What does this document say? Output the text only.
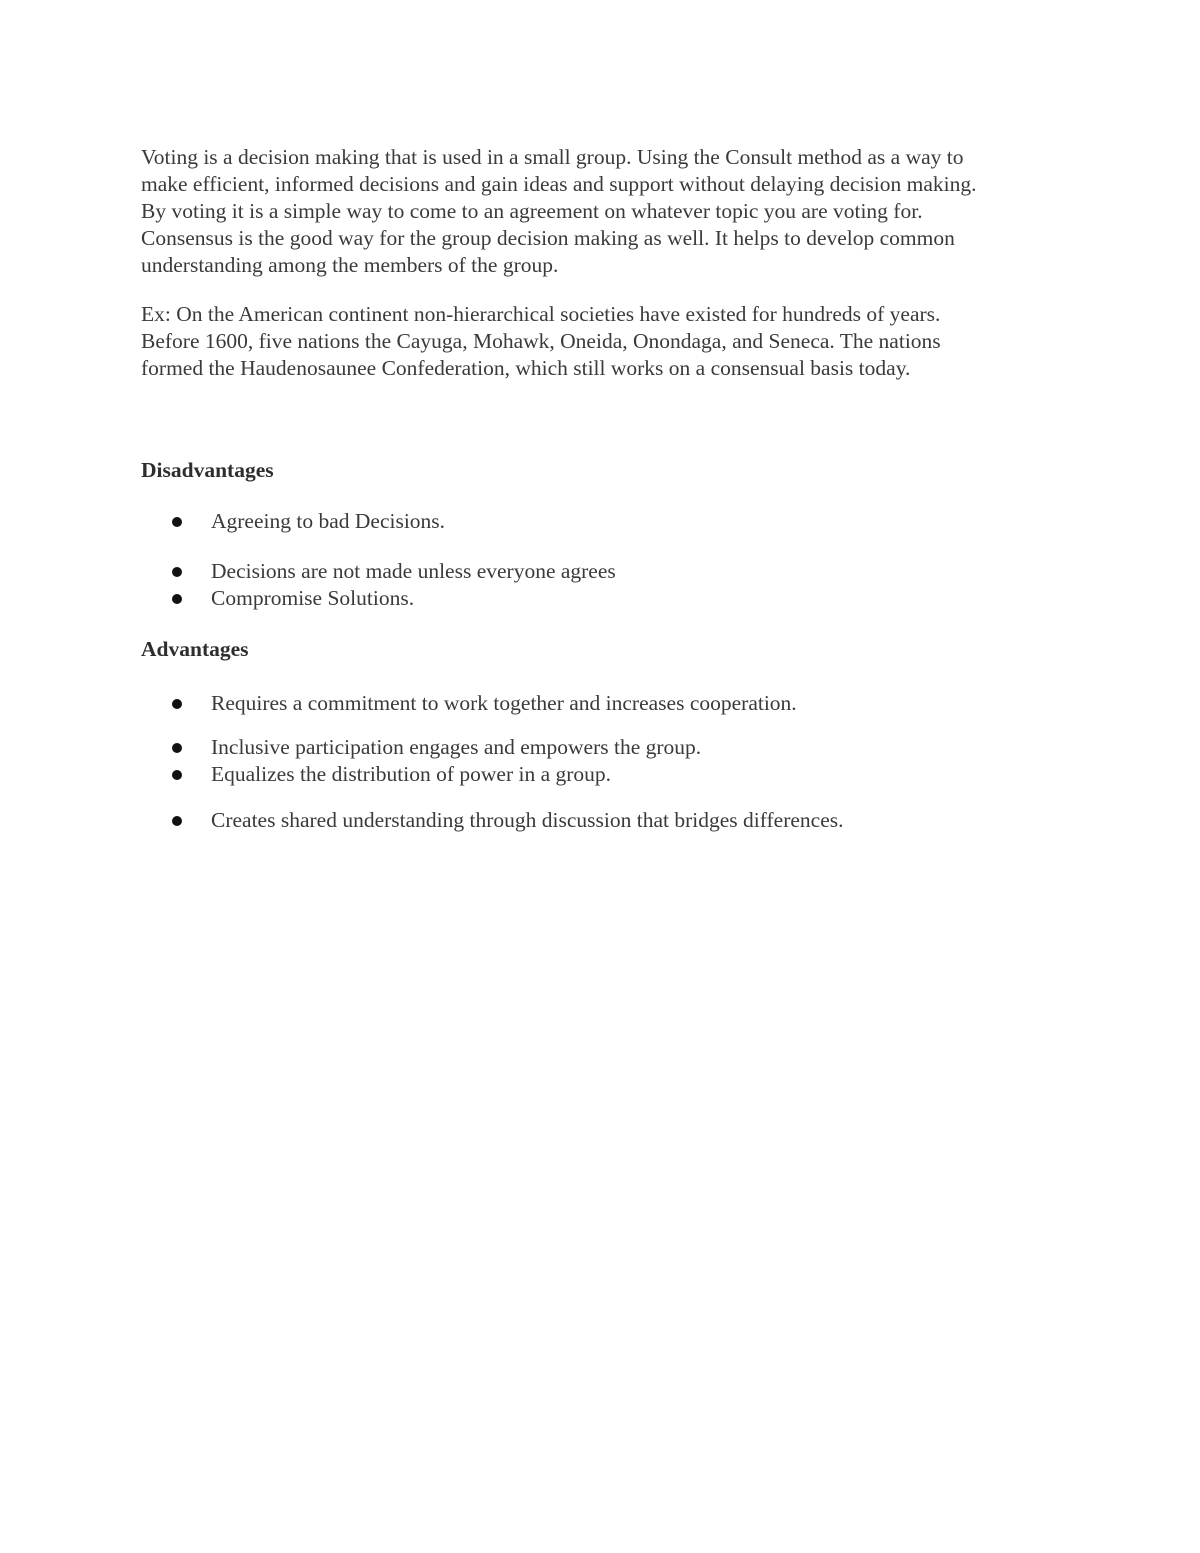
Voting is a decision making that is used in a small group. Using the Consult method as a way to
make efficient, informed decisions and gain ideas and support without delaying decision making.
By voting it is a simple way to come to an agreement on whatever topic you are voting for.
Consensus is the good way for the group decision making as well. It helps to develop common
understanding among the members of the group.
Ex: On the American continent non-hierarchical societies have existed for hundreds of years.
Before 1600, five nations the Cayuga, Mohawk, Oneida, Onondaga, and Seneca. The nations
formed the Haudenosaunee Confederation, which still works on a consensual basis today.
Disadvantages
Agreeing to bad Decisions.
Decisions are not made unless everyone agrees
Compromise Solutions.
Advantages
Requires a commitment to work together and increases cooperation.
Inclusive participation engages and empowers the group.
Equalizes the distribution of power in a group.
Creates shared understanding through discussion that bridges differences.
